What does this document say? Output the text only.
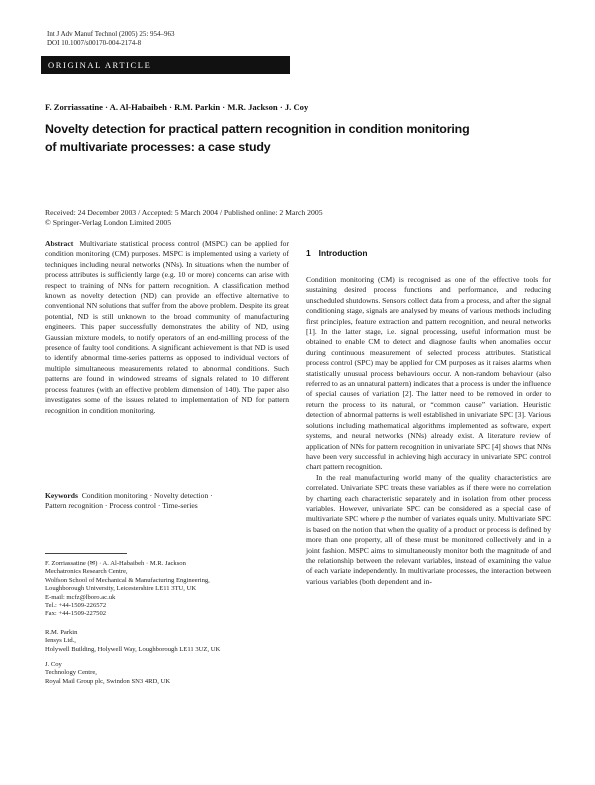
Int J Adv Manuf Technol (2005) 25: 954–963
DOI 10.1007/s00170-004-2174-8
ORIGINAL ARTICLE
F. Zorriassatine · A. Al-Habaibeh · R.M. Parkin · M.R. Jackson · J. Coy
Novelty detection for practical pattern recognition in condition monitoring
of multivariate processes: a case study
Received: 24 December 2003 / Accepted: 5 March 2004 / Published online: 2 March 2005
© Springer-Verlag London Limited 2005
Abstract Multivariate statistical process control (MSPC) can be applied for condition monitoring (CM) purposes. MSPC is implemented using a variety of techniques including neural networks (NNs). In situations when the number of process attributes is sufficiently large (e.g. 10 or more) concerns can arise with respect to training of NNs for pattern recognition. A classification method known as novelty detection (ND) can provide an effective alternative to conventional NN solutions that suffer from the above problem. Despite its great potential, ND is still unknown to the broad community of manufacturing engineers. This paper successfully demonstrates the ability of ND, using Gaussian mixture models, to notify operators of an end-milling process of the presence of faulty tool conditions. A significant achievement is that ND is used to identify abnormal time-series patterns as opposed to individual vectors of multiple simultaneous measurements related to abnormal conditions. Such patterns are found in windowed streams of signals related to 10 different process features (with an effective problem dimension of 140). The paper also investigates some of the issues related to implementation of ND for pattern recognition in condition monitoring.
Keywords Condition monitoring · Novelty detection ·
Pattern recognition · Process control · Time-series
F. Zorriassatine (✉) · A. Al-Habaibeh · M.R. Jackson
Mechatronics Research Centre,
Wolfson School of Mechanical & Manufacturing Engineering,
Loughborough University, Leicestershire LE11 3TU, UK
E-mail: mcfz@lboro.ac.uk
Tel.: +44-1509-226572
Fax: +44-1509-227502
R.M. Parkin
Iensys Ltd.,
Holywell Building, Holywell Way, Loughborough LE11 3UZ, UK
J. Coy
Technology Centre,
Royal Mail Group plc, Swindon SN3 4RD, UK
1 Introduction

Condition monitoring (CM) is recognised as one of the effective tools for sustaining desired process functions and performance, and reducing unscheduled shutdowns. Sensors collect data from a process, and after the signal conditioning stage, signals are analysed by means of various methods including first principles, feature extraction and pattern recognition, and neural networks [1]. In the latter stage, i.e. signal processing, useful information must be obtained to enable CM to detect and diagnose faults when anomalies occur during continuous measurement of selected process attributes. Statistical process control (SPC) may be applied for CM purposes as it raises alarms when statistically unusual process behaviours occur. A non-random behaviour (also referred to as an unnatural pattern) indicates that a process is under the influence of special causes of variation [2]. The latter need to be removed in order to return the process to its natural, or “common cause” variation. Heuristic detection of abnormal patterns is well established in univariate SPC [3]. Various solutions including mathematical algorithms implemented as software, expert systems, and neural networks (NNs) already exist. A literature review of application of NNs for pattern recognition in univariate SPC [4] shows that NNs have been very successful in achieving high accuracy in univariate SPC control chart pattern recognition.

In the real manufacturing world many of the quality characteristics are correlated. Univariate SPC treats these variables as if there were no correlation by charting each characteristic separately and in isolation from other process variables. However, univariate SPC can be considered as a special case of multivariate SPC where p the number of variates equals unity. Multivariate SPC is based on the notion that when the quality of a product or process is defined by more than one property, all of these must be monitored collectively and in a joint fashion. MSPC aims to simultaneously monitor both the magnitude of and the relationship between the relevant variables, instead of examining the value of each variate independently. In multivariate processes, the interaction between various variables (both dependent and in-
